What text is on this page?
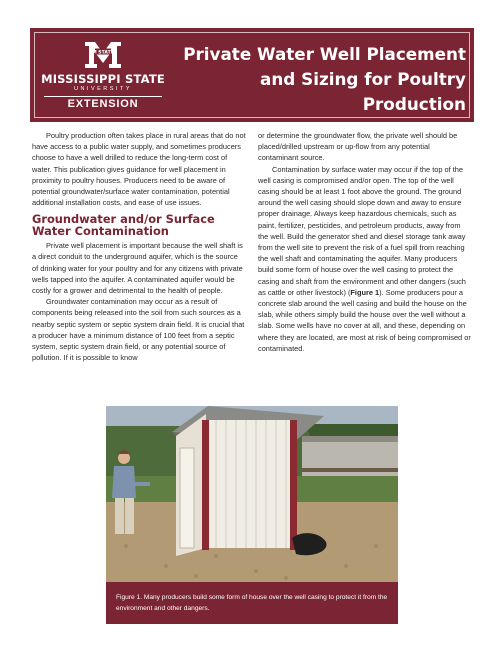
M STATE
MISSISSIPPI STATE
UNIVERSITY
EXTENSION
Private Water Well Placement
and Sizing for Poultry Production

Poultry production often takes place in rural areas that do not have access to a public water supply, and sometimes producers choose to have a well drilled to reduce the long-term cost of water. This publication gives guidance for well placement in proximity to poultry houses. Producers need to be aware of potential groundwater/surface water contamination, potential additional installation costs, and ease of use issues.

Groundwater and/or Surface Water Contamination

Private well placement is important because the well shaft is a direct conduit to the underground aquifer, which is the source of drinking water for your poultry and for any citizens with private wells tapped into the aquifer. A contaminated aquifer would be costly for a grower and detrimental to the health of people.

Groundwater contamination may occur as a result of components being released into the soil from such sources as a nearby septic system or septic system drain field. It is crucial that a producer have a minimum distance of 100 feet from a septic system, septic system drain field, or any potential source of pollution. If it is possible to know

or determine the groundwater flow, the private well should be placed/drilled upstream or up-flow from any potential contaminant source.

Contamination by surface water may occur if the top of the well casing is compromised and/or open. The top of the well casing should be at least 1 foot above the ground. The ground around the well casing should slope down and away to ensure proper drainage. Always keep hazardous chemicals, such as paint, fertilizer, pesticides, and petroleum products, away from the well. Build the generator shed and diesel storage tank away from the well site to prevent the risk of a fuel spill from reaching the well shaft and contaminating the aquifer. Many producers build some form of house over the well casing to protect the casing and shaft from the environment and other dangers (such as cattle or other livestock) (Figure 1). Some producers pour a concrete slab around the well casing and build the house on the slab, while others simply build the house over the well without a slab. Some wells have no cover at all, and these, depending on where they are located, are most at risk of being compromised or contaminated.

Figure 1. Many producers build some form of house over the well casing to protect it from the environment and other dangers.
